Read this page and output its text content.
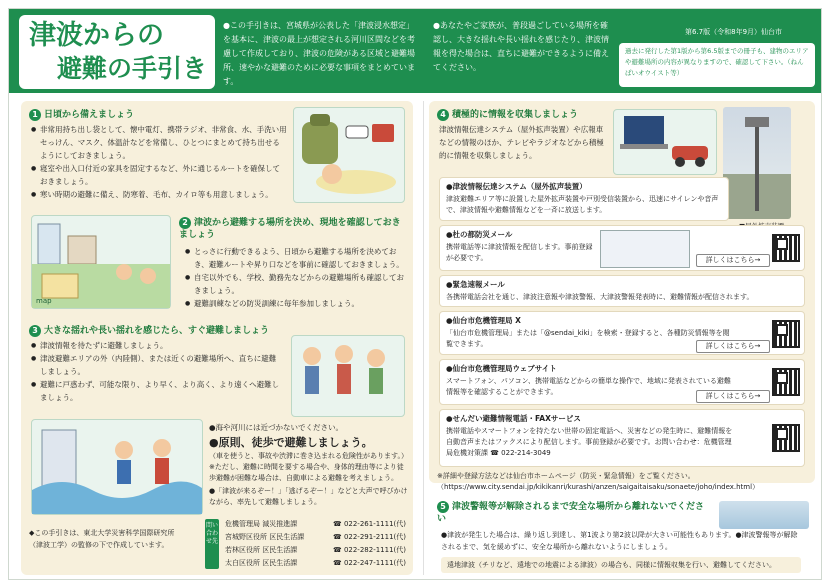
津波からの
避難の手引き
●この手引きは、宮城県が公表した「津波浸水想定」を基本に、津波の最上が想定される河川区間などを考慮して作成しており、津波の危険がある区域と避難場所、速やかな避難のために必要な事項をまとめています。
●あなたやご家族が、普段過ごしている場所を確認し、大きな揺れや長い揺れを感じたり、津波情報を得た場合は、直ちに避難ができるように備えてください。
第6.7版（令和8年9月）仙台市
過去に発行した第1版から第6.5版までの冊子も、建物のエリアや避難場所の内容が異なりますので、確認して下さい。（ねんぱいオウイスト等）
1 日頃から備えましょう
● 非常用持ち出し袋として、懐中電灯、携帯ラジオ、非常食、水、手洗い用セっけん、マスク、体温計などを常備し、ひとつにまとめて持ち出せるようにしておきましょう。
● 寝室や出入口付近の家具を固定するなど、外に通じるルートを確保しておきましょう。
● 寒い時期の避難に備え、防寒着、毛布、カイロ等も用意しましょう。
map
2 津波から避難する場所を決め、現地を確認しておきましょう
● とっさに行動できるよう、日頃から避難する場所を決めておき、避難ルートや昇り口などを事前に確認しておきましょう。
● 自宅以外でも、学校、勤務先などからの避難場所も確認しておきましょう。
● 避難訓練などの防災訓練に毎年参加しましょう。
3 大きな揺れや長い揺れを感じたら、すぐ避難しましょう
● 津波情報を待たずに避難しましょう。
● 津波避難エリアの外（内陸側）、または近くの避難場所へ、直ちに避難しましょう。
● 避難に戸惑わず、可能な限り、より早く、より高く、より遠くへ避難しましょう。
●海や河川には近づかないでください。
●原則、徒歩で避難しましょう。
（車を使うと、事故や渋滞に巻き込まれる危険性があります。）※ただし、避難に時間を要する場合や、身体的理由等により徒歩避難が困難な場合は、自動車による避難を考えましょう。
●「津波が来るぞー！」「逃げるぞー！」などと大声で呼びかけながら、率先して避難しましょう。
◆この手引きは、東北大学災害科学国際研究所（津波工学）の監修の下で作成しています。
問い合わせ先
危機管理局 減災推進課	☎ 022-261-1111(代)
宮城野区役所 区民生活課	☎ 022-291-2111(代)
若林区役所 区民生活課	☎ 022-282-1111(代)
太白区役所 区民生活課	☎ 022-247-1111(代)
4 積極的に情報を収集しましょう
津波情報伝達システム（屋外拡声装置）や広報車などの情報のほか、テレビやラジオなどから積極的に情報を収集しましょう。
●津波情報伝達システム（屋外拡声装置）
津波避難エリア等に設置した屋外拡声装置や戸別受信装置から、迅速にサイレンや音声で、津波情報や避難情報などを一斉に放送します。
●杜の都防災メール
携帯電話等に津波情報を配信します。事前登録が必要です。	詳しくはこちら→
●緊急速報メール
各携帯電話会社を通じ、津波注意報や津波警報、大津波警報発表時に、避難情報が配信されます。
●仙台市危機管理局 X
「仙台市危機管理局」または「@sendai_kiki」を検索・登録すると、各種防災情報等を閲覧できます。	詳しくはこちら→
●仙台市危機管理局ウェブサイト
スマートフォン、パソコン、携帯電話などからの簡単な操作で、地域に発表されている避難情報等を確認することができます。	詳しくはこちら→
●せんだい避難情報電話・FAXサービス
携帯電話やスマートフォンを持たない世帯の固定電話へ、災害などの発生時に、避難情報を自動音声またはファクスにより配信します。事前登録が必要です。お問い合わせ：危機管理局危機対策課 ☎ 022-214-3049
※詳細や登録方法などは仙台市ホームページ（防災・緊急情報）をご覧ください。
（https://www.city.sendai.jp/kikikanri/kurashi/anzen/saigaitaisaku/sonaete/joho/index.html）
5 津波警報等が解除されるまで安全な場所から離れないでください
●津波が発生した場合は、繰り返し到達し、第1波より第2波以降が大きい可能性もあります。●津波警報等が解除されるまで、気を緩めずに、安全な場所から離れないようにしましょう。
遠地津波（チリなど、遠地での地震による津波）の場合も、同様に情報収集を行い、避難してください。
